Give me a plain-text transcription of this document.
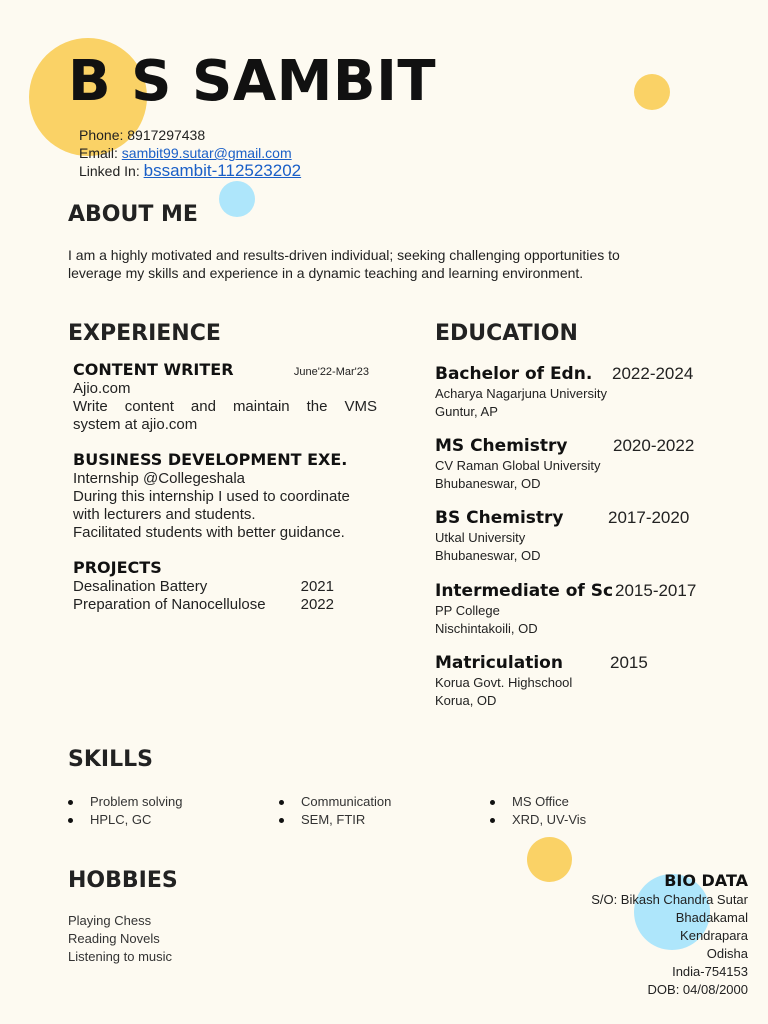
B S SAMBIT
Phone: 8917297438
Email: sambit99.sutar@gmail.com
Linked In: bssambit-112523202
ABOUT ME
I am a highly motivated and results-driven individual; seeking challenging opportunities to
leverage my skills and experience in a dynamic teaching and learning environment.
EXPERIENCE
CONTENT WRITER	June'22-Mar'23
Ajio.com
Write content and maintain the VMS
system at ajio.com
BUSINESS DEVELOPMENT EXE.
Internship @Collegeshala
During this internship I used to coordinate
with lecturers and students.
Facilitated students with better guidance.
PROJECTS
Desalination Battery	2021
Preparation of Nanocellulose 2022
EDUCATION
Bachelor of Edn. 2022-2024
Acharya Nagarjuna University
Guntur, AP
MS Chemistry	2020-2022
CV Raman Global University
Bhubaneswar, OD
BS Chemistry	2017-2020
Utkal University
Bhubaneswar, OD
Intermediate of Sc 2015-2017
PP College
Nischintakoili, OD
Matriculation	2015
Korua Govt. Highschool
Korua, OD
SKILLS
Problem solving
HPLC, GC
Communication
SEM, FTIR
MS Office
XRD, UV-Vis
HOBBIES
Playing Chess
Reading Novels
Listening to music
BIO DATA
S/O: Bikash Chandra Sutar
Bhadakamal
Kendrapara
Odisha
India-754153
DOB: 04/08/2000
